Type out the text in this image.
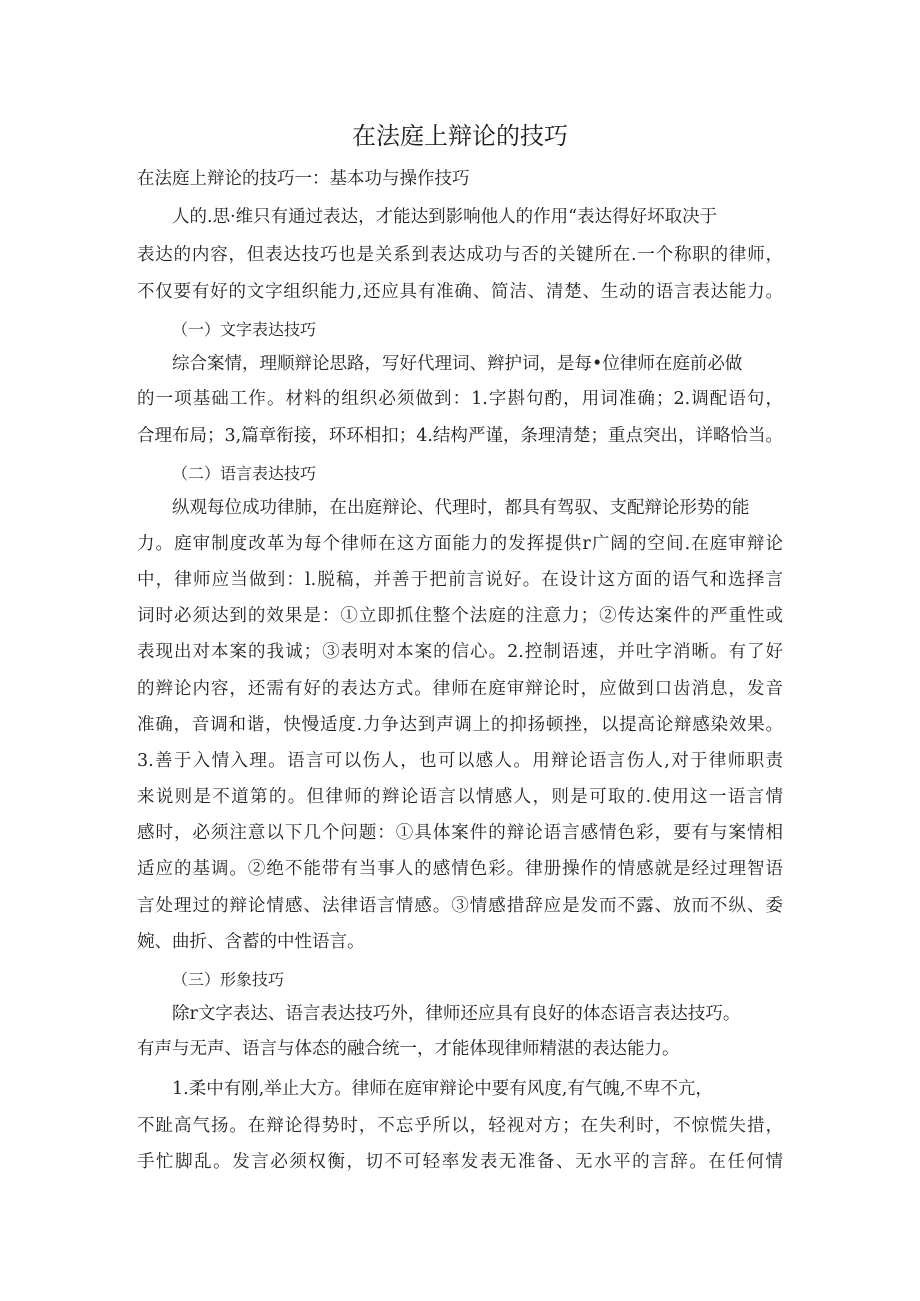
在法庭上辩论的技巧
在法庭上辩论的技巧一：基本功与操作技巧
人的.思·维只有通过表达，才能达到影响他人的作用“表达得好坏取决于
表达的内容，但表达技巧也是关系到表达成功与否的关键所在.一个称职的律师，
不仅要有好的文字组织能力,还应具有准确、简洁、清楚、生动的语言表达能力。
（一）文字表达技巧
综合案情，理顺辩论思路，写好代理词、辫护词，是每•位律师在庭前必做
的一项基础工作。材料的组织必须做到：1.字斟句酌，用词准确；2.调配语句，
合理布局；3,篇章衔接，环环相扣；4.结构严谨，条理清楚；重点突出，详略恰当。
（二）语言表达技巧
纵观每位成功律肺，在出庭辩论、代理时，都具有驾驭、支配辩论形势的能
力。庭审制度改革为每个律师在这方面能力的发挥提供r广阔的空间.在庭审辩论
中，律师应当做到：l.脱稿，并善于把前言说好。在设计这方面的语气和选择言
词时必须达到的效果是：①立即抓住整个法庭的注意力；②传达案件的严重性或
表现出对本案的我诚；③表明对本案的信心。2.控制语速，并吐字消晰。有了好
的辫论内容，还需有好的表达方式。律师在庭审辩论时，应做到口齿消息，发音
准确，音调和谐，快慢适度.力争达到声调上的抑扬顿挫，以提高论辩感染效果。
3.善于入情入理。语言可以伤人，也可以感人。用辩论语言伤人,对于律师职责
来说则是不道第的。但律师的辫论语言以情感人，则是可取的.使用这一语言情
感时，必须注意以下几个问题：①具体案件的辩论语言感情色彩，要有与案情相
适应的基调。②绝不能带有当事人的感情色彩。律册操作的情感就是经过理智语
言处理过的辩论情感、法律语言情感。③情感措辞应是发而不露、放而不纵、委
婉、曲折、含蓄的中性语言。
（三）形象技巧
除r文字表达、语言表达技巧外，律师还应具有良好的体态语言表达技巧。
有声与无声、语言与体态的融合统一，才能体现律师精湛的表达能力。
1.柔中有刚,举止大方。律师在庭审辩论中要有风度,有气魄,不卑不亢，
不趾高气扬。在辩论得势时，不忘乎所以，轻视对方；在失利时，不惊慌失措，
手忙脚乱。发言必须权衡，切不可轻率发表无准备、无水平的言辞。在任何情
